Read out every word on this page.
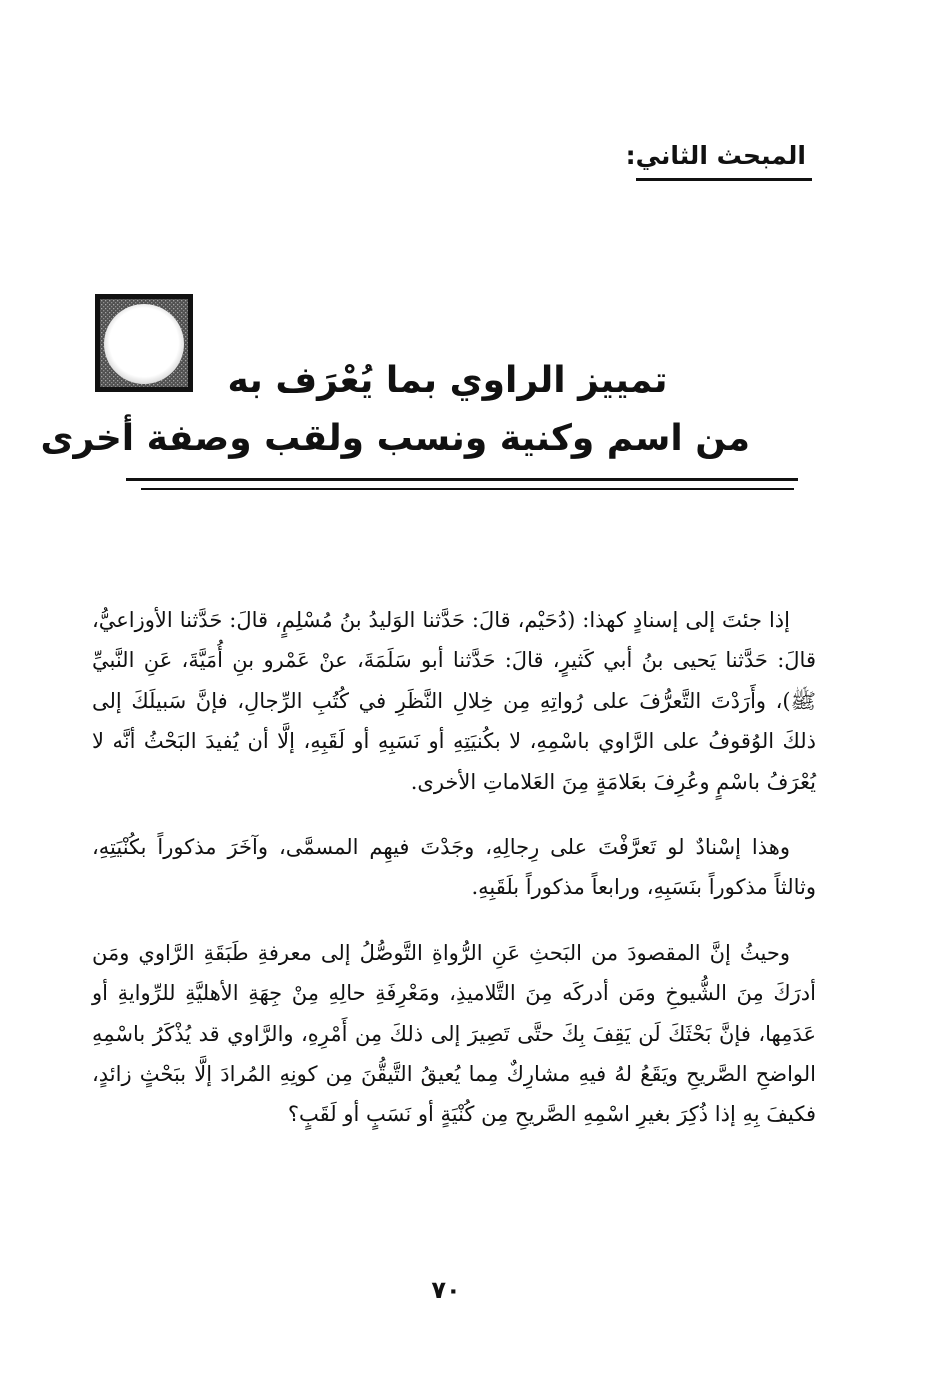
المبحث الثاني:
تمييز الراوي بما يُعْرَف به
من اسم وكنية ونسب ولقب وصفة أخرى

إذا جئتَ إلى إسنادٍ كهذا: (دُحَيْم، قالَ: حَدَّثنا الوَليدُ بنُ مُسْلِمٍ، قالَ: حَدَّثنا الأوزاعيُّ، قالَ: حَدَّثنا يَحيى بنُ أبي كَثيرٍ، قالَ: حَدَّثنا أبو سَلَمَةَ، عنْ عَمْرو بنِ أُمَيَّةَ، عَنِ النَّبيِّ ﷺ)، وأَرَدْتَ التَّعرُّفَ على رُواتِهِ مِن خِلالِ النَّظَرِ في كُتُبِ الرِّجالِ، فإنَّ سَبيلَكَ إلى ذلكَ الوُقوفُ على الرَّاوي باسْمِهِ، لا بكُنيَتِهِ أو نَسَبِهِ أو لَقَبِهِ، إلَّا أن يُفيدَ البَحْثُ أنَّه لا يُعْرَفُ باسْمٍ وعُرِفَ بعَلامَةٍ مِنَ العَلاماتِ الأخرى.

وهذا إسْنادٌ لو تَعرَّفْتَ على رِجالِهِ، وجَدْتَ فيهِم المسمَّى، وآخَرَ مذكوراً بكُنْيَتِهِ، وثالثاً مذكوراً بنَسَبِهِ، ورابعاً مذكوراً بلَقَبِهِ.

وحيثُ إنَّ المقصودَ من البَحثِ عَنِ الرُّواةِ التَّوصُّلُ إلى معرفةِ طَبَقَةِ الرَّاوي ومَن أدرَكَ مِنَ الشُّيوخِ ومَن أدركَه مِنَ التَّلاميذِ، ومَعْرِفَةِ حالِهِ مِنْ جِهَةِ الأهليَّةِ للرِّوايةِ أو عَدَمِها، فإنَّ بَحْثَكَ لَن يَقِفَ بِكَ حتَّى تَصِيرَ إلى ذلكَ مِن أَمْرِهِ، والرَّاوي قد يُذْكَرُ باسْمِهِ الواضحِ الصَّريحِ ويَقَعُ لهُ فيهِ مشارِكٌ مِما يُعيقُ التَّيقُّنَ مِن كونِهِ المُرادَ إلَّا ببَحْثٍ زائدٍ، فكيفَ بِهِ إذا ذُكِرَ بغيرِ اسْمِهِ الصَّريحِ مِن كُنْيَةٍ أو نَسَبٍ أو لَقَبٍ؟

٧٠
